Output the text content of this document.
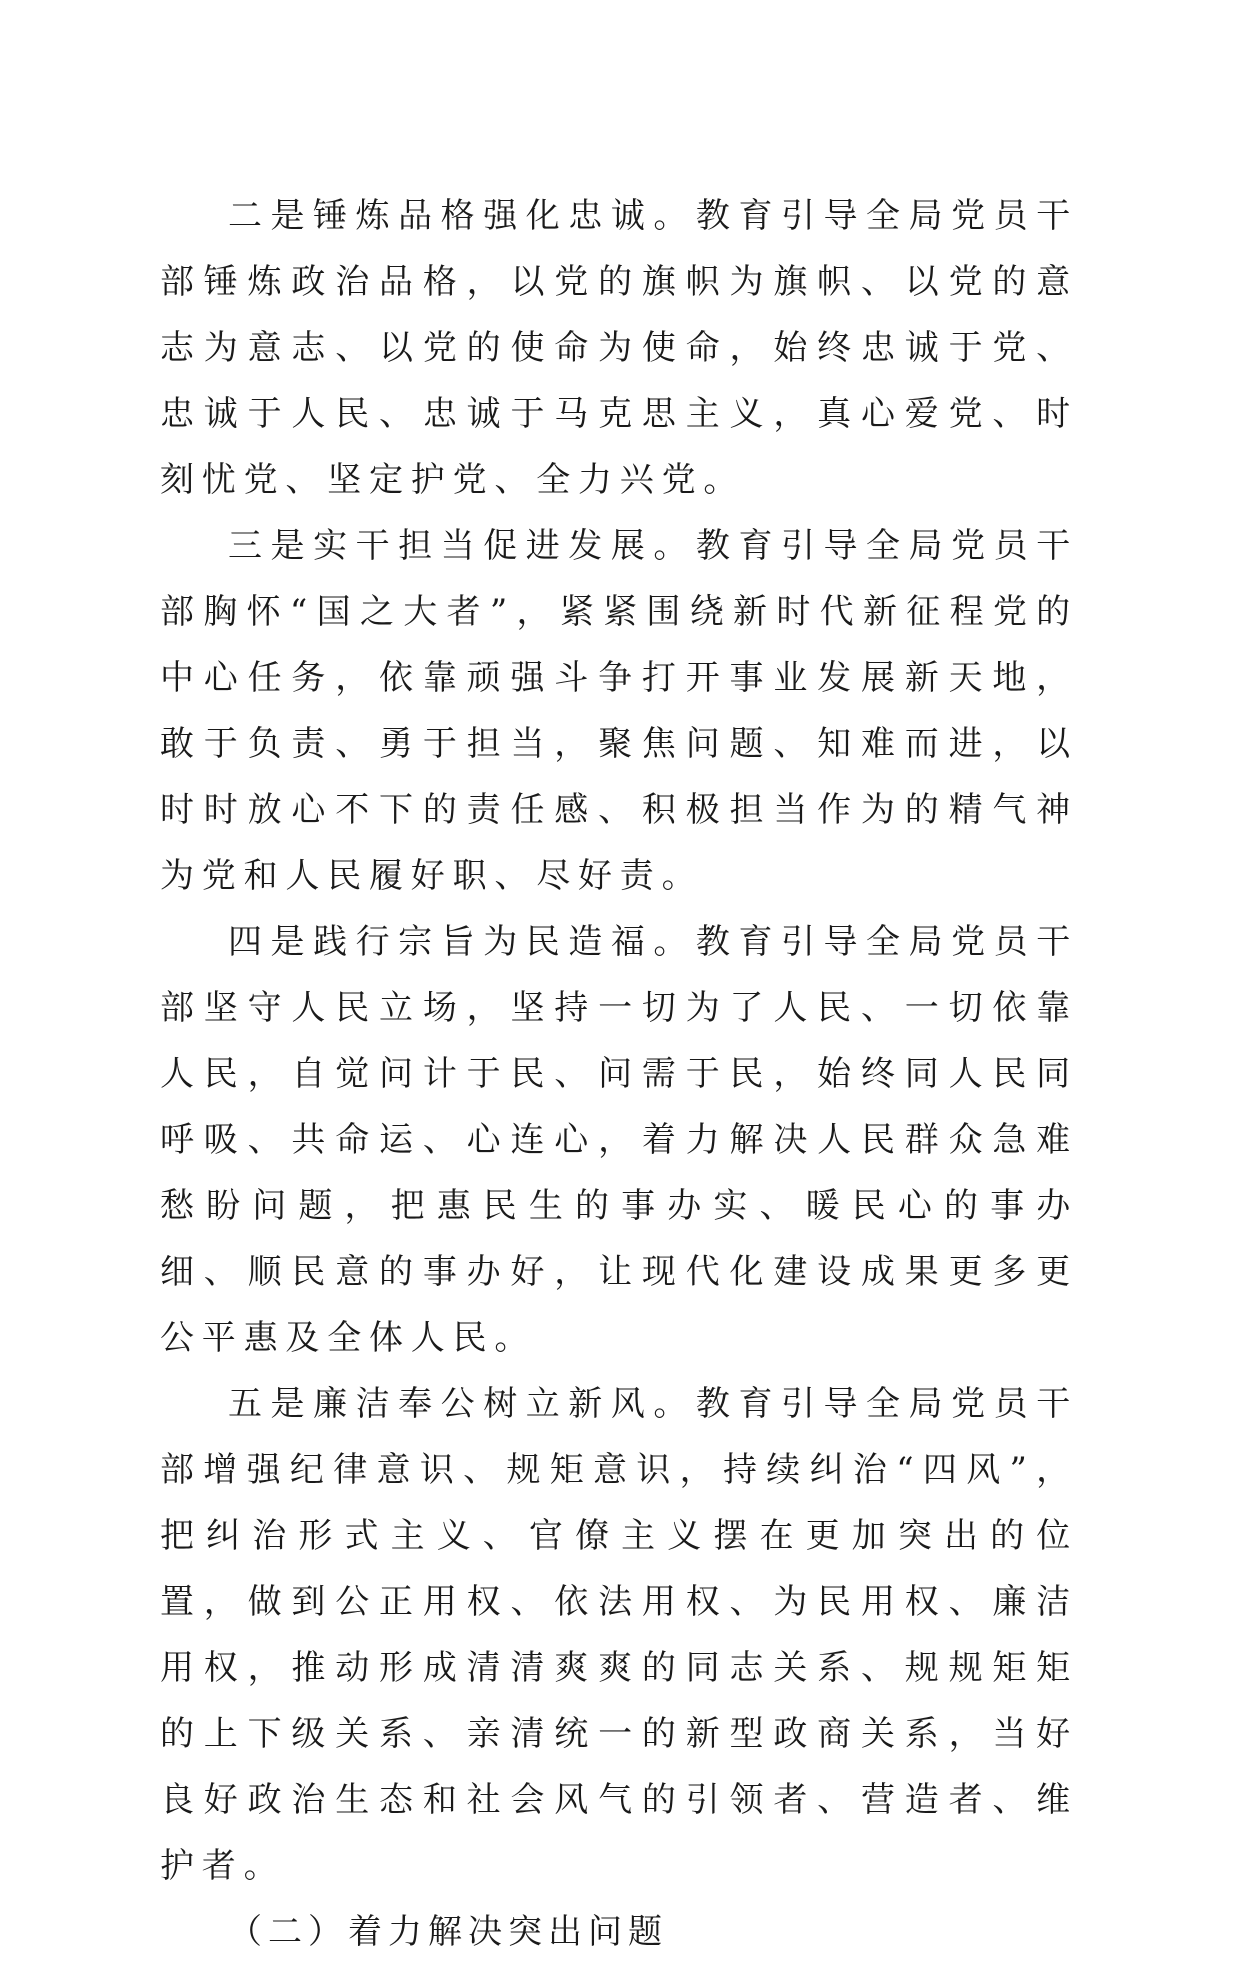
二是锤炼品格强化忠诚。教育引导全局党员干部锤炼政治品格，以党的旗帜为旗帜、以党的意志为意志、以党的使命为使命，始终忠诚于党、忠诚于人民、忠诚于马克思主义，真心爱党、时刻忧党、坚定护党、全力兴党。

三是实干担当促进发展。教育引导全局党员干部胸怀“国之大者”，紧紧围绕新时代新征程党的中心任务，依靠顽强斗争打开事业发展新天地，敢于负责、勇于担当，聚焦问题、知难而进，以时时放心不下的责任感、积极担当作为的精气神为党和人民履好职、尽好责。

四是践行宗旨为民造福。教育引导全局党员干部坚守人民立场，坚持一切为了人民、一切依靠人民，自觉问计于民、问需于民，始终同人民同呼吸、共命运、心连心，着力解决人民群众急难愁盼问题，把惠民生的事办实、暖民心的事办细、顺民意的事办好，让现代化建设成果更多更公平惠及全体人民。

五是廉洁奉公树立新风。教育引导全局党员干部增强纪律意识、规矩意识，持续纠治“四风”，把纠治形式主义、官僚主义摆在更加突出的位置，做到公正用权、依法用权、为民用权、廉洁用权，推动形成清清爽爽的同志关系、规规矩矩的上下级关系、亲清统一的新型政商关系，当好良好政治生态和社会风气的引领者、营造者、维护者。

（二）着力解决突出问题
